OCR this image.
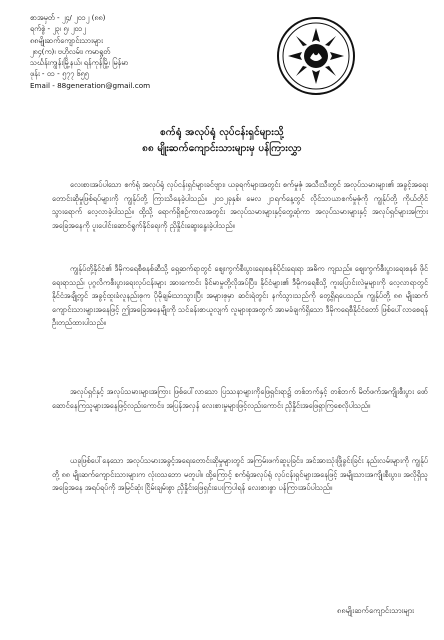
စာအမှတ် - ၂၄/ ၂၀၁၂ (၈၈)
ရက်စွဲ - ၂၃၊ ၅၊ ၂၀၁၂
၈၈မျိုးဆက်ကျောင်းသားများ
၂၈၄(က)၊ ဗဟိုလမ်း၊ ကမာရွတ်
သင်္ဃန်းကျွန်းမြို့နယ်၊ ရန်ကုန်မြို့၊ မြန်မာ
ဖုန်း - ၀၁ - ၅၇၇ ၆၅၅
Email - 88generation@gmail.com
စက်ရုံ အလုပ်ရုံ လုပ်ငန်းရှင်များသို့
၈၈ မျိုးဆက်ကျောင်းသားများမှ ပန်ကြားလွှာ
လေးစားအပ်ပါသော စက်ရုံ အလုပ်ရုံ လုပ်ငန်းရှင်များခင်ဗျား၊ ယခုရက်များအတွင်း စက်မှုဇုံ အသီးသီးတွင် အလုပ်သမားများ၏ အခွင့်အရေးတောင်းဆိုမှုဖြစ်ရပ်များကို ကျွန်ုပ်တို့ ကြားသိနေခဲ့ပါသည်။ ၂၀၁၂ခုနှစ်၊ မေလ ၂၁ရက်နေ့တွင် လိုင်သာယာစက်မှုဇုံကို ကျွန်ုပ်တို့ ကိုယ်တိုင် သွားရောက် လေ့လာခဲ့ပါသည်။ ထို့သို့ ရောက်ရှိစဉ်ကာလအတွင်း အလုပ်သမားများနှင့်တွေ့ဆုံကာ အလုပ်သမားများနှင့် အလုပ်ရှင်များအကြား အခြေအနေကို ပူးပေါင်းဆောင်ရွက်နိုင်ရေးကို ညှိနှိုင်းဆွေးနွေးခဲ့ပါသည်။
ကျွန်ုပ်တို့နိုင်ငံ၏ ဒီမိုကရေစီစနစ်ဆီသို့ ရှေ့ဆက်ရာတွင် ဈေးကွက်စီးပွားရေးစနစ်ပိုင်းရေးရာ အဓိက ကျသည်။ ဈေးကွက်စီးပွားရေးစနစ် ဖိုင်ရေးရာသည်၊ ပုဂ္ဂလိကစီးပွားရေးလုပ်ငန်းများ အားကောင်း ခိုင်မာမှုတို့လိုအပ်ပြီး၊ နိုင်ငံများ၏ ဒီမိုကရေစီသို့ ကူးပြောင်းလဲမှုများကို လေ့လာရာတွင် နိုင်ငံအချို့တွင် အခွင့်ထူးခံလူနည်းစုက ပိုမိုချမ်းသာသွားပြီး အများစုမှာ ဆင်းရဲတွင်း နက်သွားသည်ကို တွေ့ရှိရပေသည်။ ကျွန်ုပ်တို့ ၈၈ မျိုးဆက်ကျောင်းသားများအနေဖြင့် ဤအခြေအနေမျိုးကို သင်ခန်းစာယူလျက် လူများစုအတွက် အာမခံချက်ရှိသော ဒီမိုကရေစီနိုင်ငံတော် ဖြစ်ပေါ်လာစေရန် ဦးတည်ထားပါသည်။
အလုပ်ရှင်နှင့် အလုပ်သမားများအကြား ဖြစ်ပေါ်လာသော ပြဿနာများကိုဖြေရှင်းရာ၌ တစ်ဘက်နှင့် တစ်ဘက် မိတ်ဖက်အကျိုးစီးပွား ဖော်ဆောင်နေကြသူများအနေဖြင့်လည်းကောင်း၊ အပြန်အလှန် လေးစားမှုများဖြင့်လည်းကောင်း ညှိနှိုင်းအဖြေရှာကြစေလိုပါသည်။
ယခုဖြစ်ပေါ်နေသော အလုပ်သမားအခွင့်အရေးတောင်းဆိုမှုများတွင် အကြမ်းဖက်ဆူပူခြင်း၊ အင်အားသုံးဖြိုခွင်းခြင်း နည်းလမ်းများကို ကျွန်ုပ်တို့ ၈၈ မျိုးဆက်ကျောင်းသားများက လုံးဝသဘော မတူပါ။ ထို့ကြောင့် စက်ရုံအလုပ်ရုံ လုပ်ငန်းရှင်များအနေဖြင့် အမျိုးသားအကျိုးစီးပွား၊ အလိုရှိသူ အခြေအနေ အရပ်ရပ်ကို အမြင်ဆုံး ငြိမ်းချမ်းစွာ ညှိနှိုင်းဖြေရှင်းပေးကြပါရန် လေးစားစွာ ပန်ကြားအပ်ပါသည်။
၈၈မျိုးဆက်ကျောင်းသားများ
